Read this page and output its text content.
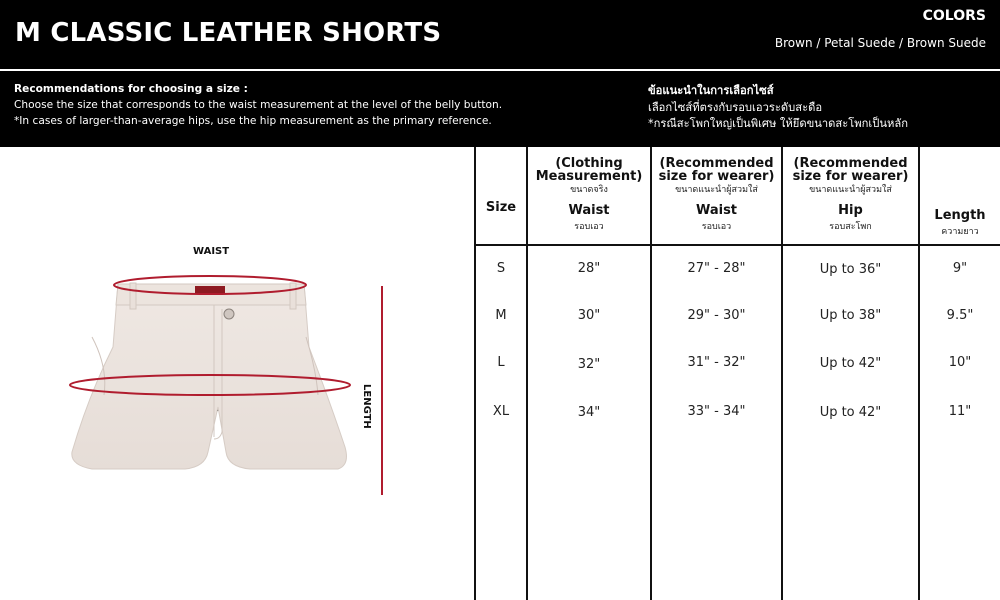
M CLASSIC LEATHER SHORTS
COLORS
Brown / Petal Suede / Brown Suede
Recommendations for choosing a size :
Choose the size that corresponds to the waist measurement at the level of the belly button.
*In cases of larger-than-average hips, use the hip measurement as the primary reference.
ข้อแนะนำในการเลือกไซส์
เลือกไซส์ที่ตรงกับรอบเอวระดับสะดือ
*กรณีสะโพกใหญ่เป็นพิเศษ ให้ยึดขนาดสะโพกเป็นหลัก
WAIST
LENGTH
Size
(Clothing
Measurement)
ขนาดจริง
Waist
รอบเอว
(Recommended
size for wearer)
ขนาดแนะนำผู้สวมใส่
Waist
รอบเอว
(Recommended
size for wearer)
ขนาดแนะนำผู้สวมใส่
Hip
รอบสะโพก
Length
ความยาว
S	28"	27" - 28"	Up to 36"	9"
M	30"	29" - 30"	Up to 38"	9.5"
L	32"	31" - 32"	Up to 42"	10"
XL	34"	33" - 34"	Up to 42"	11"
